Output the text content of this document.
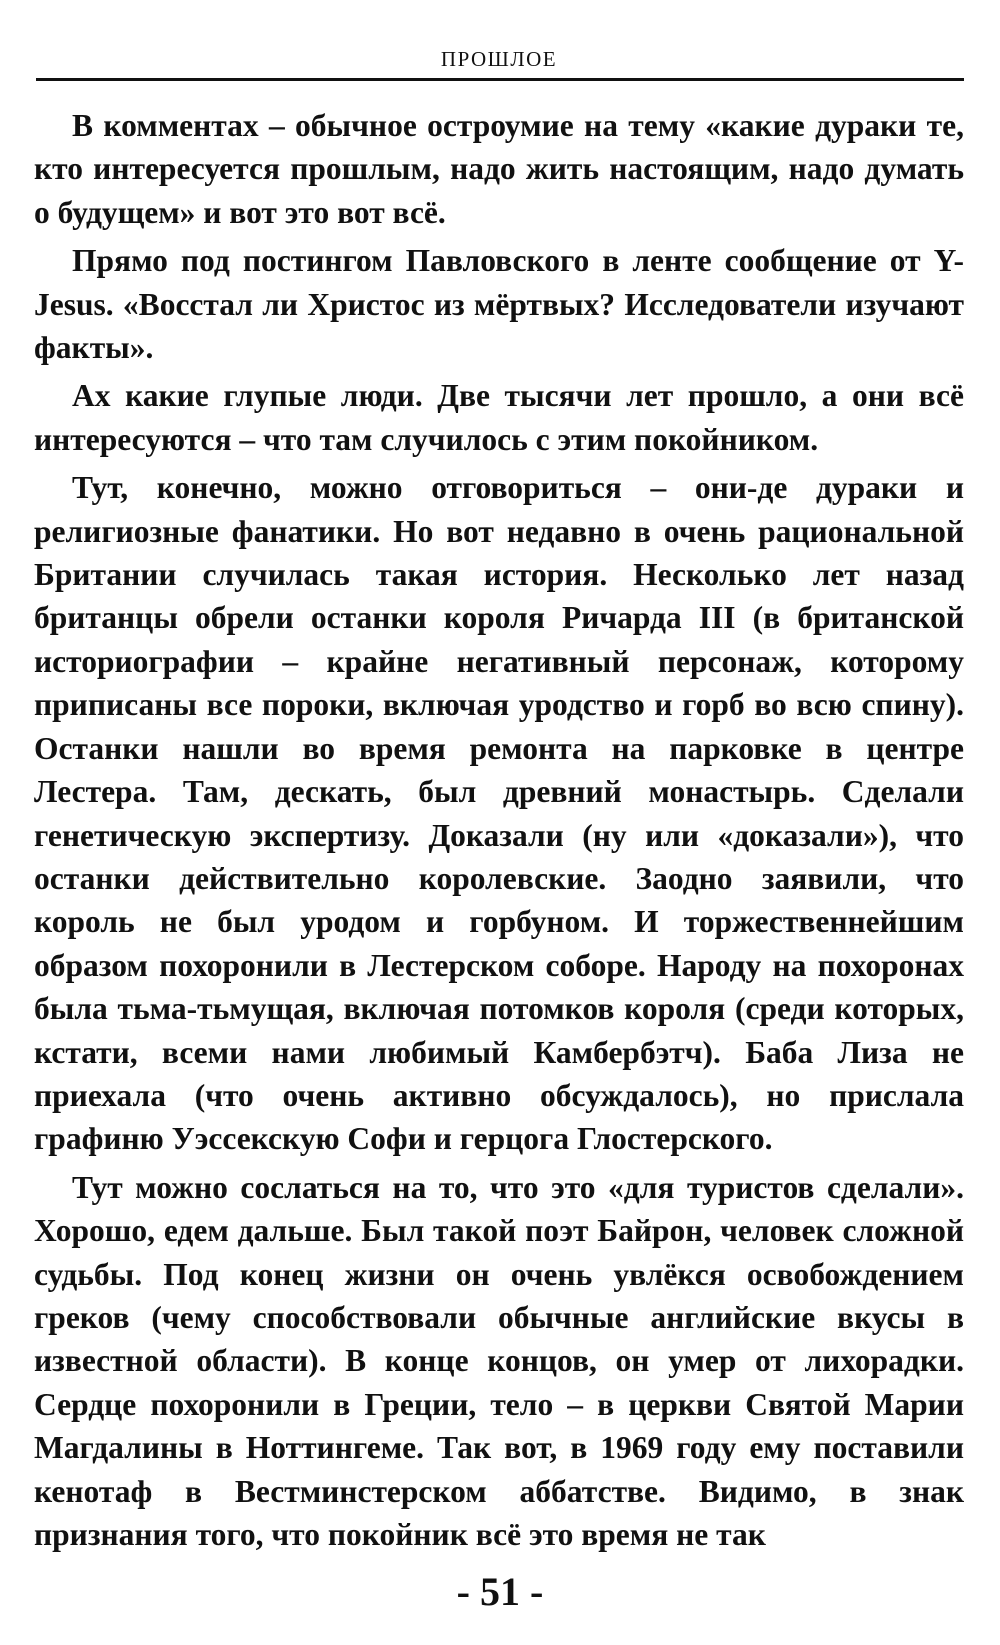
ПРОШЛОЕ

В комментах – обычное остроумие на тему «какие дураки те, кто интересуется прошлым, надо жить настоящим, надо думать о будущем» и вот это вот всё.

Прямо под постингом Павловского в ленте сообщение от Y-Jesus. «Восстал ли Христос из мёртвых? Исследователи изучают факты».

Ах какие глупые люди. Две тысячи лет прошло, а они всё интересуются – что там случилось с этим покойником.

Тут, конечно, можно отговориться – они-де дураки и религиозные фанатики. Но вот недавно в очень рациональной Британии случилась такая история. Несколько лет назад британцы обрели останки короля Ричарда III (в британской историографии – крайне негативный персонаж, которому приписаны все пороки, включая уродство и горб во всю спину). Останки нашли во время ремонта на парковке в центре Лестера. Там, дескать, был древний монастырь. Сделали генетическую экспертизу. Доказали (ну или «доказали»), что останки действительно королевские. Заодно заявили, что король не был уродом и горбуном. И торжественнейшим образом похоронили в Лестерском соборе. Народу на похоронах была тьма-тьмущая, включая потомков короля (среди которых, кстати, всеми нами любимый Камбербэтч). Баба Лиза не приехала (что очень активно обсуждалось), но прислала графиню Уэссекскую Софи и герцога Глостерского.

Тут можно сослаться на то, что это «для туристов сделали». Хорошо, едем дальше. Был такой поэт Байрон, человек сложной судьбы. Под конец жизни он очень увлёкся освобождением греков (чему способствовали обычные английские вкусы в известной области). В конце концов, он умер от лихорадки. Сердце похоронили в Греции, тело – в церкви Святой Марии Магдалины в Ноттингеме. Так вот, в 1969 году ему поставили кенотаф в Вестминстерском аббатстве. Видимо, в знак признания того, что покойник всё это время не так

- 51 -
